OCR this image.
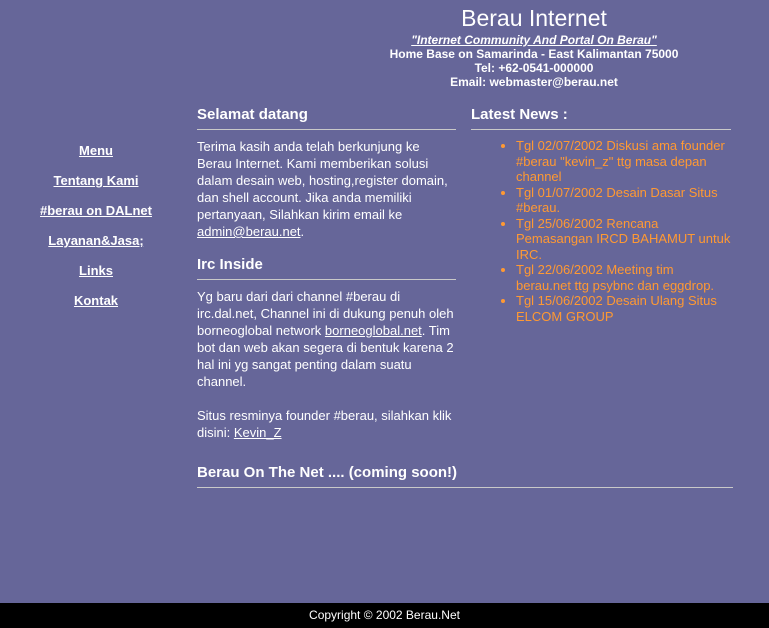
Berau Internet
"Internet Community And Portal On Berau"
Home Base on Samarinda - East Kalimantan 75000
Tel: +62-0541-000000
Email: webmaster@berau.net
Menu
Tentang Kami
#berau on DALnet
Layanan&Jasa;
Links
Kontak
Selamat datang

Terima kasih anda telah berkunjung ke Berau Internet. Kami memberikan solusi dalam desain web, hosting,register domain, dan shell account. Jika anda memiliki pertanyaan, Silahkan kirim email ke admin@berau.net.

Irc Inside

Yg baru dari dari channel #berau di irc.dal.net, Channel ini di dukung penuh oleh borneoglobal network borneoglobal.net. Tim bot dan web akan segera di bentuk karena 2 hal ini yg sangat penting dalam suatu channel.

Situs resminya founder #berau, silahkan klik disini: Kevin_Z

Latest News :
• Tgl 02/07/2002 Diskusi ama founder #berau "kevin_z" ttg masa depan channel
• Tgl 01/07/2002 Desain Dasar Situs #berau.
• Tgl 25/06/2002 Rencana Pemasangan IRCD BAHAMUT untuk IRC.
• Tgl 22/06/2002 Meeting tim berau.net ttg psybnc dan eggdrop.
• Tgl 15/06/2002 Desain Ulang Situs ELCOM GROUP
Berau On The Net .... (coming soon!)
Copyright © 2002 Berau.Net
